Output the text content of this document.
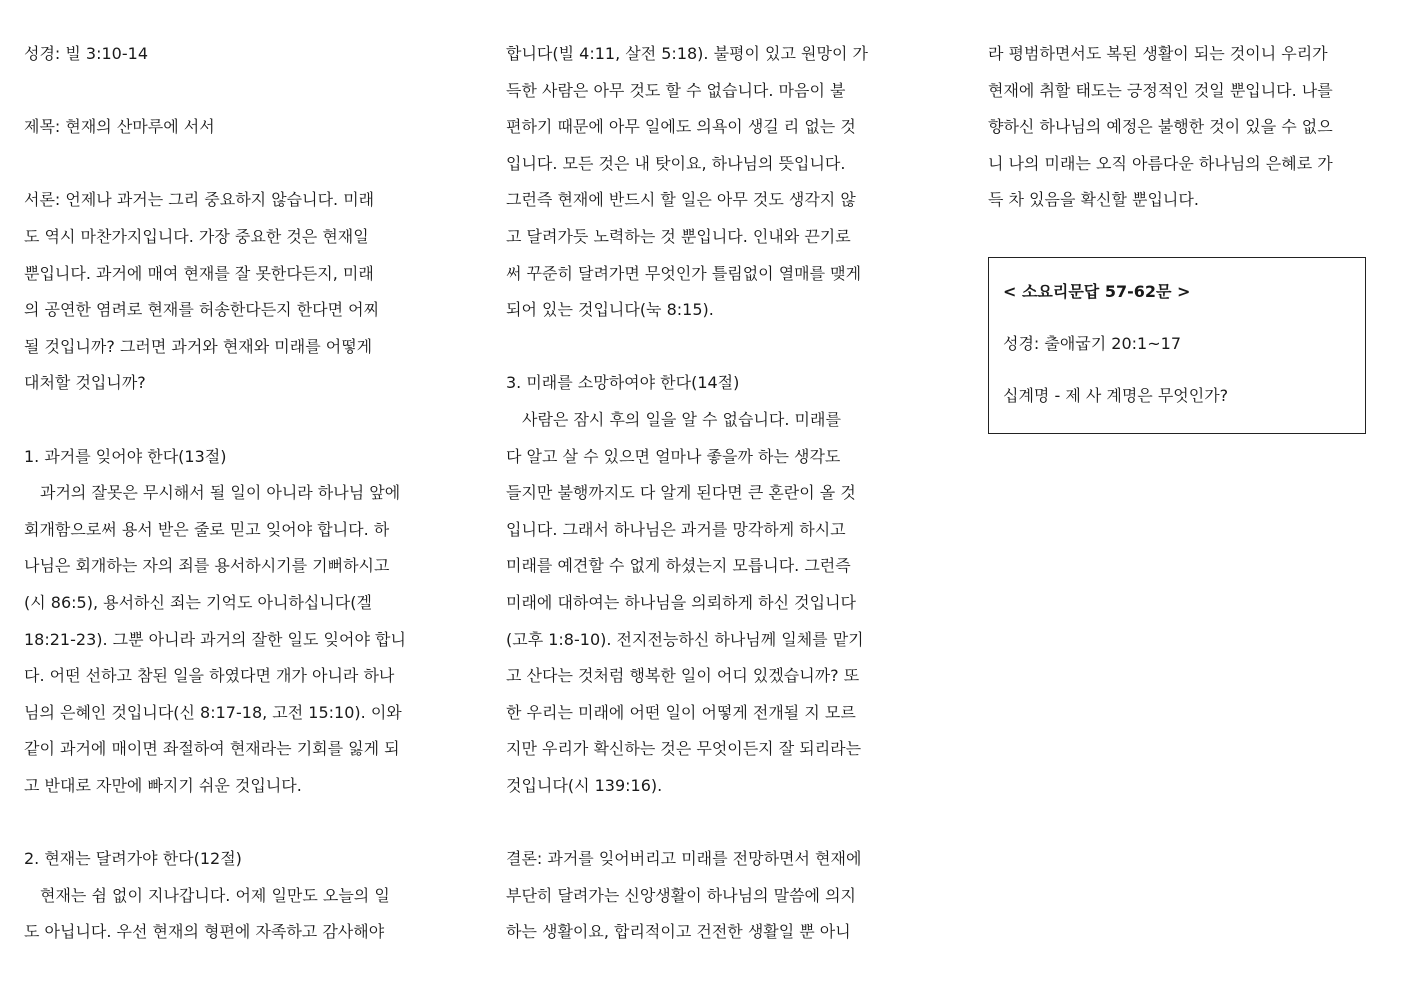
성경: 빌 3:10-14
제목: 현재의 산마루에 서서
서론: 언제나 과거는 그리 중요하지 않습니다. 미래
도 역시 마찬가지입니다. 가장 중요한 것은 현재일
뿐입니다. 과거에 매여 현재를 잘 못한다든지, 미래
의 공연한 염려로 현재를 허송한다든지 한다면 어찌
될 것입니까? 그러면 과거와 현재와 미래를 어떻게
대처할 것입니까?
1. 과거를 잊어야 한다(13절)
과거의 잘못은 무시해서 될 일이 아니라 하나님 앞에
회개함으로써 용서 받은 줄로 믿고 잊어야 합니다. 하
나님은 회개하는 자의 죄를 용서하시기를 기뻐하시고
(시 86:5), 용서하신 죄는 기억도 아니하십니다(겔
18:21-23). 그뿐 아니라 과거의 잘한 일도 잊어야 합니
다. 어떤 선하고 참된 일을 하였다면 개가 아니라 하나
님의 은혜인 것입니다(신 8:17-18, 고전 15:10). 이와
같이 과거에 매이면 좌절하여 현재라는 기회를 잃게 되
고 반대로 자만에 빠지기 쉬운 것입니다.
2. 현재는 달려가야 한다(12절)
현재는 쉼 없이 지나갑니다. 어제 일만도 오늘의 일
도 아닙니다. 우선 현재의 형편에 자족하고 감사해야
합니다(빌 4:11, 살전 5:18). 불평이 있고 원망이 가
득한 사람은 아무 것도 할 수 없습니다. 마음이 불
편하기 때문에 아무 일에도 의욕이 생길 리 없는 것
입니다. 모든 것은 내 탓이요, 하나님의 뜻입니다.
그런즉 현재에 반드시 할 일은 아무 것도 생각지 않
고 달려가듯 노력하는 것 뿐입니다. 인내와 끈기로
써 꾸준히 달려가면 무엇인가 틀림없이 열매를 맺게
되어 있는 것입니다(눅 8:15).
3. 미래를 소망하여야 한다(14절)
사람은 잠시 후의 일을 알 수 없습니다. 미래를
다 알고 살 수 있으면 얼마나 좋을까 하는 생각도
들지만 불행까지도 다 알게 된다면 큰 혼란이 올 것
입니다. 그래서 하나님은 과거를 망각하게 하시고
미래를 예견할 수 없게 하셨는지 모릅니다. 그런즉
미래에 대하여는 하나님을 의뢰하게 하신 것입니다
(고후 1:8-10). 전지전능하신 하나님께 일체를 맡기
고 산다는 것처럼 행복한 일이 어디 있겠습니까? 또
한 우리는 미래에 어떤 일이 어떻게 전개될 지 모르
지만 우리가 확신하는 것은 무엇이든지 잘 되리라는
것입니다(시 139:16).
결론: 과거를 잊어버리고 미래를 전망하면서 현재에
부단히 달려가는 신앙생활이 하나님의 말씀에 의지
하는 생활이요, 합리적이고 건전한 생활일 뿐 아니
라 평범하면서도 복된 생활이 되는 것이니 우리가
현재에 취할 태도는 긍정적인 것일 뿐입니다. 나를
향하신 하나님의 예정은 불행한 것이 있을 수 없으
니 나의 미래는 오직 아름다운 하나님의 은혜로 가
득 차 있음을 확신할 뿐입니다.
< 소요리문답 57-62문 >
성경: 출애굽기 20:1~17
십계명 - 제 사 계명은 무엇인가?
